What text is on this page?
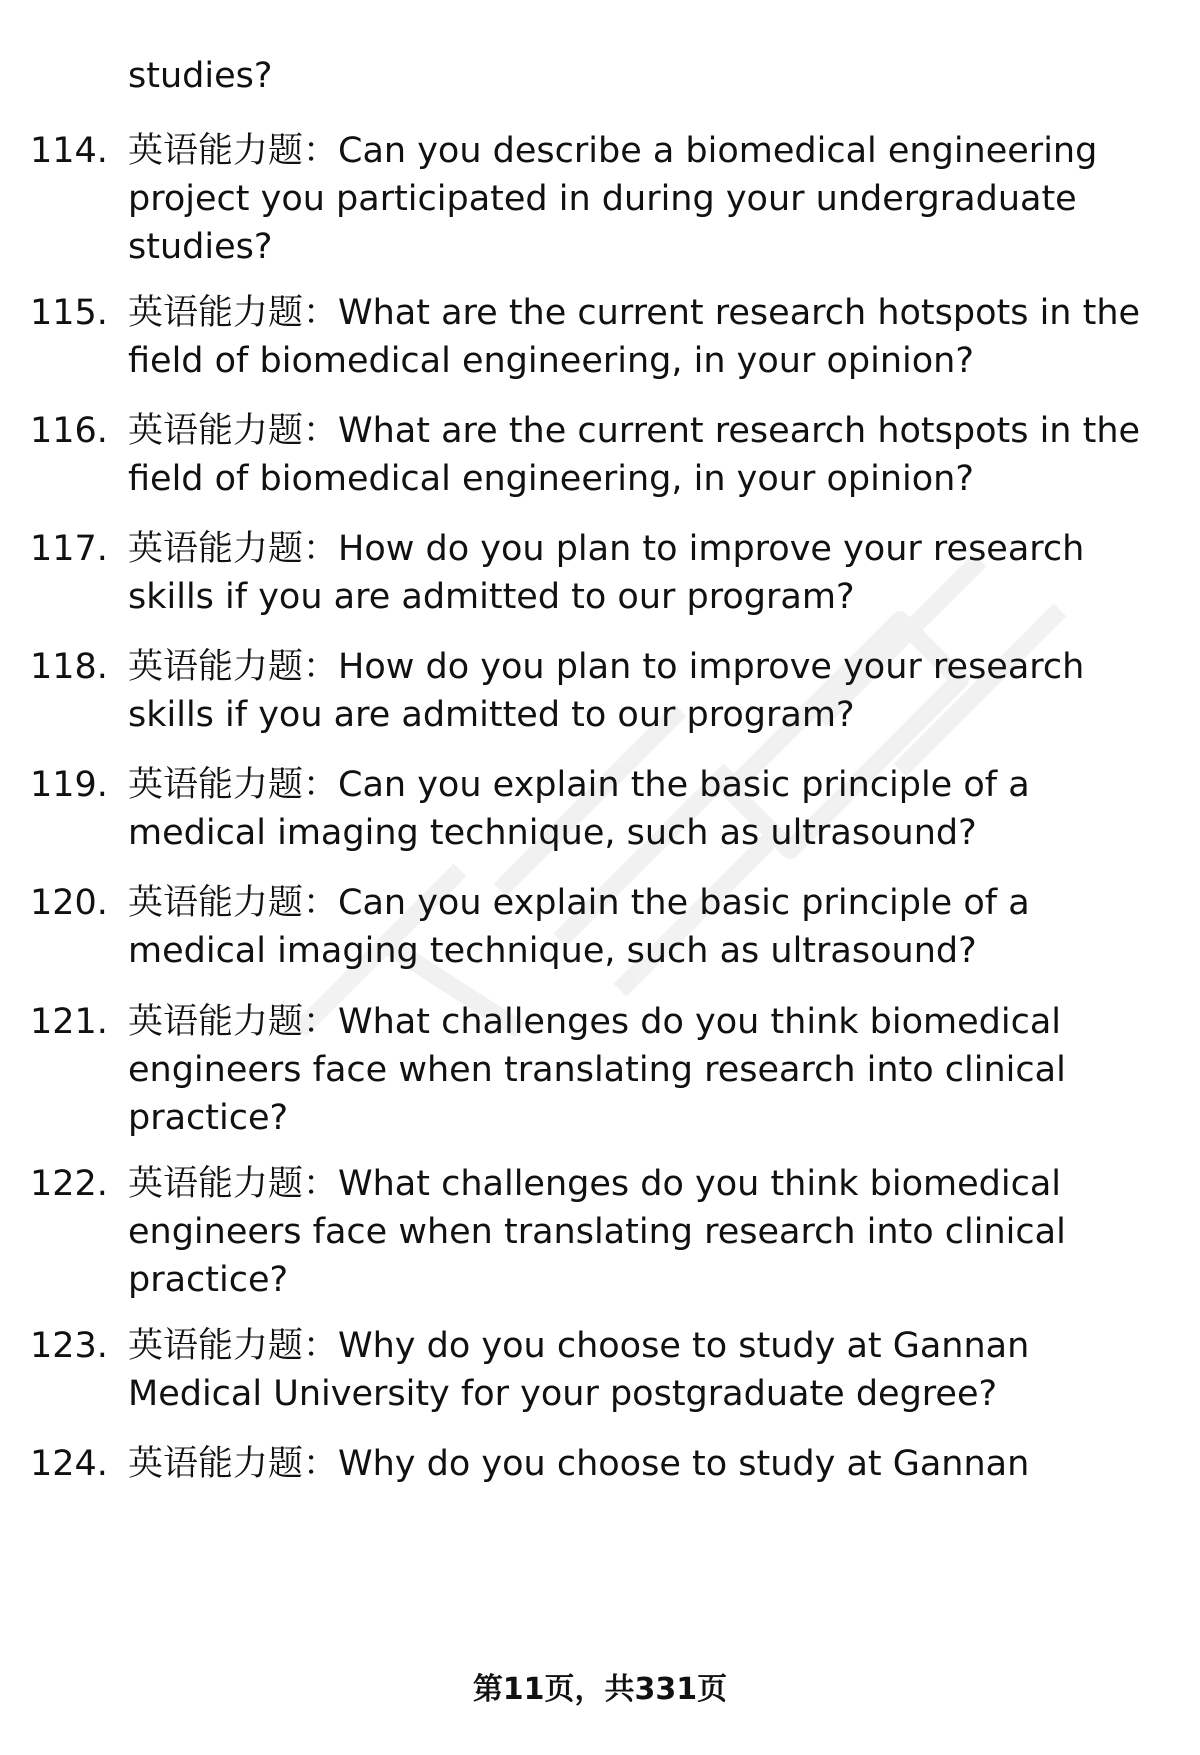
studies?
114. 英语能力题：Can you describe a biomedical engineering
project you participated in during your undergraduate
studies?
115. 英语能力题：What are the current research hotspots in the
field of biomedical engineering, in your opinion?
116. 英语能力题：What are the current research hotspots in the
field of biomedical engineering, in your opinion?
117. 英语能力题：How do you plan to improve your research
skills if you are admitted to our program?
118. 英语能力题：How do you plan to improve your research
skills if you are admitted to our program?
119. 英语能力题：Can you explain the basic principle of a
medical imaging technique, such as ultrasound?
120. 英语能力题：Can you explain the basic principle of a
medical imaging technique, such as ultrasound?
121. 英语能力题：What challenges do you think biomedical
engineers face when translating research into clinical
practice?
122. 英语能力题：What challenges do you think biomedical
engineers face when translating research into clinical
practice?
123. 英语能力题：Why do you choose to study at Gannan
Medical University for your postgraduate degree?
124. 英语能力题：Why do you choose to study at Gannan
第11页，共331页
